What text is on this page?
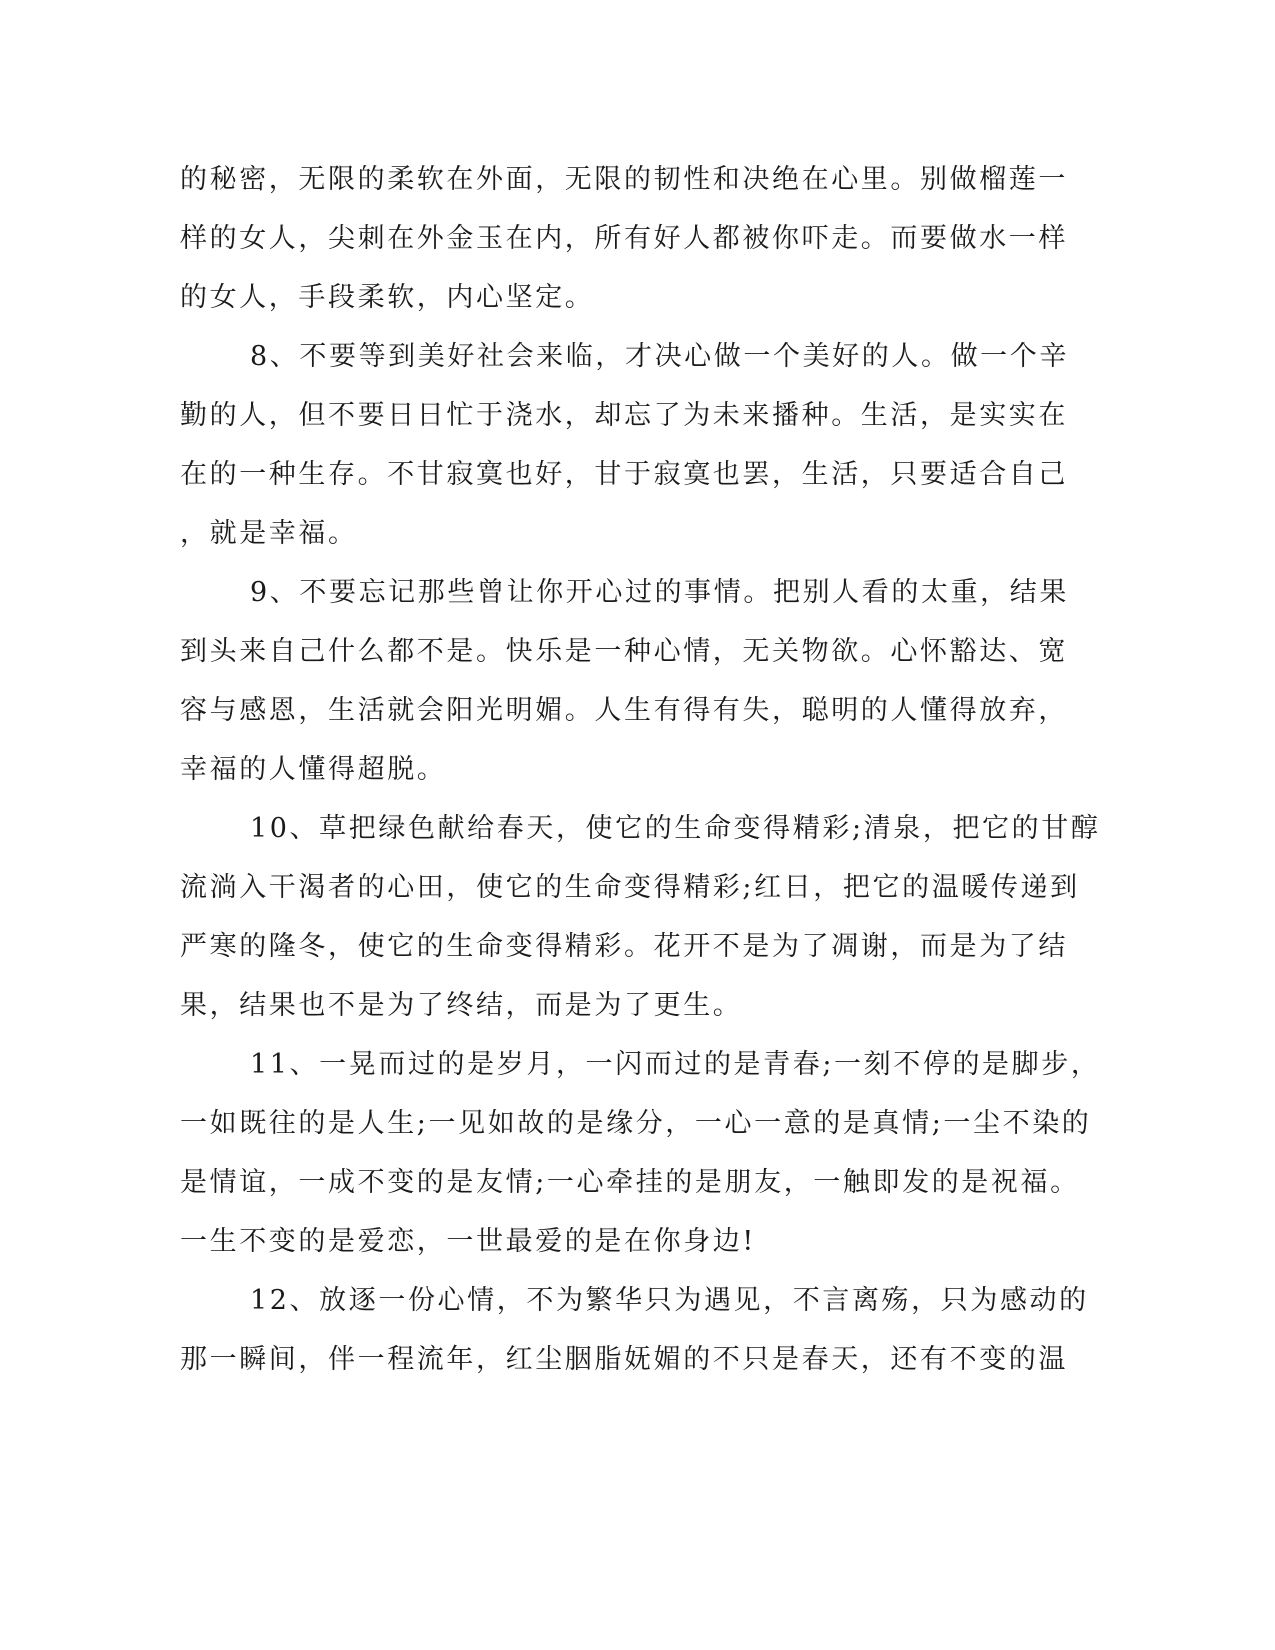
的秘密，无限的柔软在外面，无限的韧性和决绝在心里。别做榴莲一
样的女人，尖刺在外金玉在内，所有好人都被你吓走。而要做水一样
的女人，手段柔软，内心坚定。
8、不要等到美好社会来临，才决心做一个美好的人。做一个辛
勤的人，但不要日日忙于浇水，却忘了为未来播种。生活，是实实在
在的一种生存。不甘寂寞也好，甘于寂寞也罢，生活，只要适合自己
，就是幸福。
9、不要忘记那些曾让你开心过的事情。把别人看的太重，结果
到头来自己什么都不是。快乐是一种心情，无关物欲。心怀豁达、宽
容与感恩，生活就会阳光明媚。人生有得有失，聪明的人懂得放弃，
幸福的人懂得超脱。
10、草把绿色献给春天，使它的生命变得精彩;清泉，把它的甘醇
流淌入干渴者的心田，使它的生命变得精彩;红日，把它的温暖传递到
严寒的隆冬，使它的生命变得精彩。花开不是为了凋谢，而是为了结
果，结果也不是为了终结，而是为了更生。
11、一晃而过的是岁月，一闪而过的是青春;一刻不停的是脚步，
一如既往的是人生;一见如故的是缘分，一心一意的是真情;一尘不染的
是情谊，一成不变的是友情;一心牵挂的是朋友，一触即发的是祝福。
一生不变的是爱恋，一世最爱的是在你身边!
12、放逐一份心情，不为繁华只为遇见，不言离殇，只为感动的
那一瞬间，伴一程流年，红尘胭脂妩媚的不只是春天，还有不变的温
